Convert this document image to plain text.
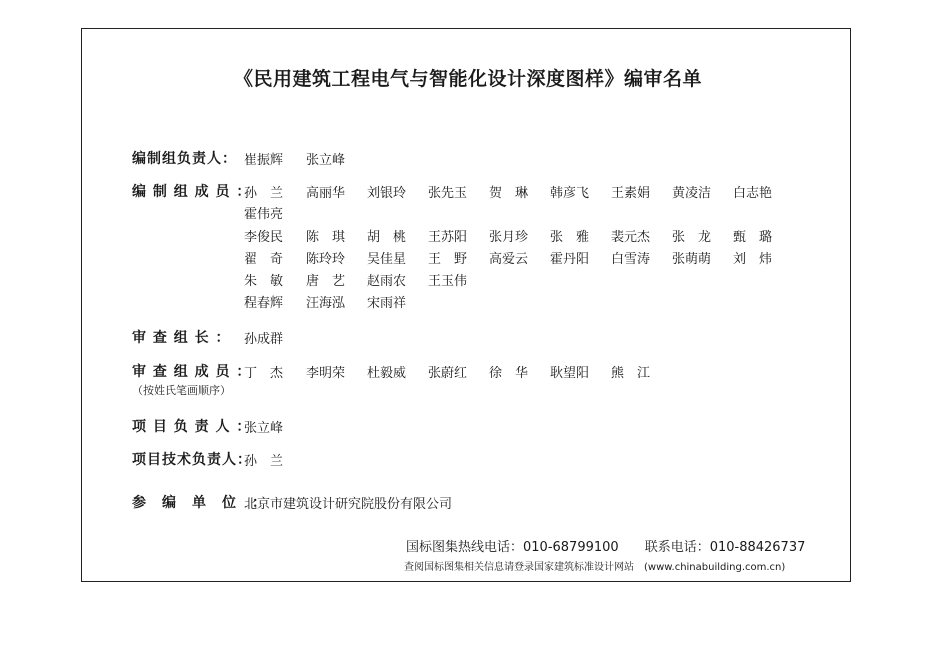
《民用建筑工程电气与智能化设计深度图样》编审名单
编制组负责人： 崔振辉 张立峰
编 制 组 成 员 ：
孙　兰 高丽华 刘银玲 张先玉 贺　琳 韩彦飞 王素娟 黄凌洁 白志艳
霍伟亮
李俊民 陈　琪 胡　桃 王苏阳 张月珍 张　雅 裴元杰 张　龙 甄　璐
翟　奇 陈玲玲 吴佳星 王　野 高爱云 霍丹阳 白雪涛 张萌萌 刘　炜
朱　敏 唐　艺 赵雨农 王玉伟
程春辉 汪海泓 宋雨祥
审 查 组 长 ： 孙成群
审 查 组 成 员 ：
（按姓氏笔画顺序）
丁　杰 李明荣 杜毅威 张蔚红 徐　华 耿望阳 熊　江
项 目 负 责 人 ：
张立峰
项目技术负责人：
孙　兰
参　编　单　位　：
北京市建筑设计研究院股份有限公司
国标图集热线电话：010-68799100 联系电话：010-88426737
查阅国标图集相关信息请登录国家建筑标准设计网站　(www.chinabuilding.com.cn)
